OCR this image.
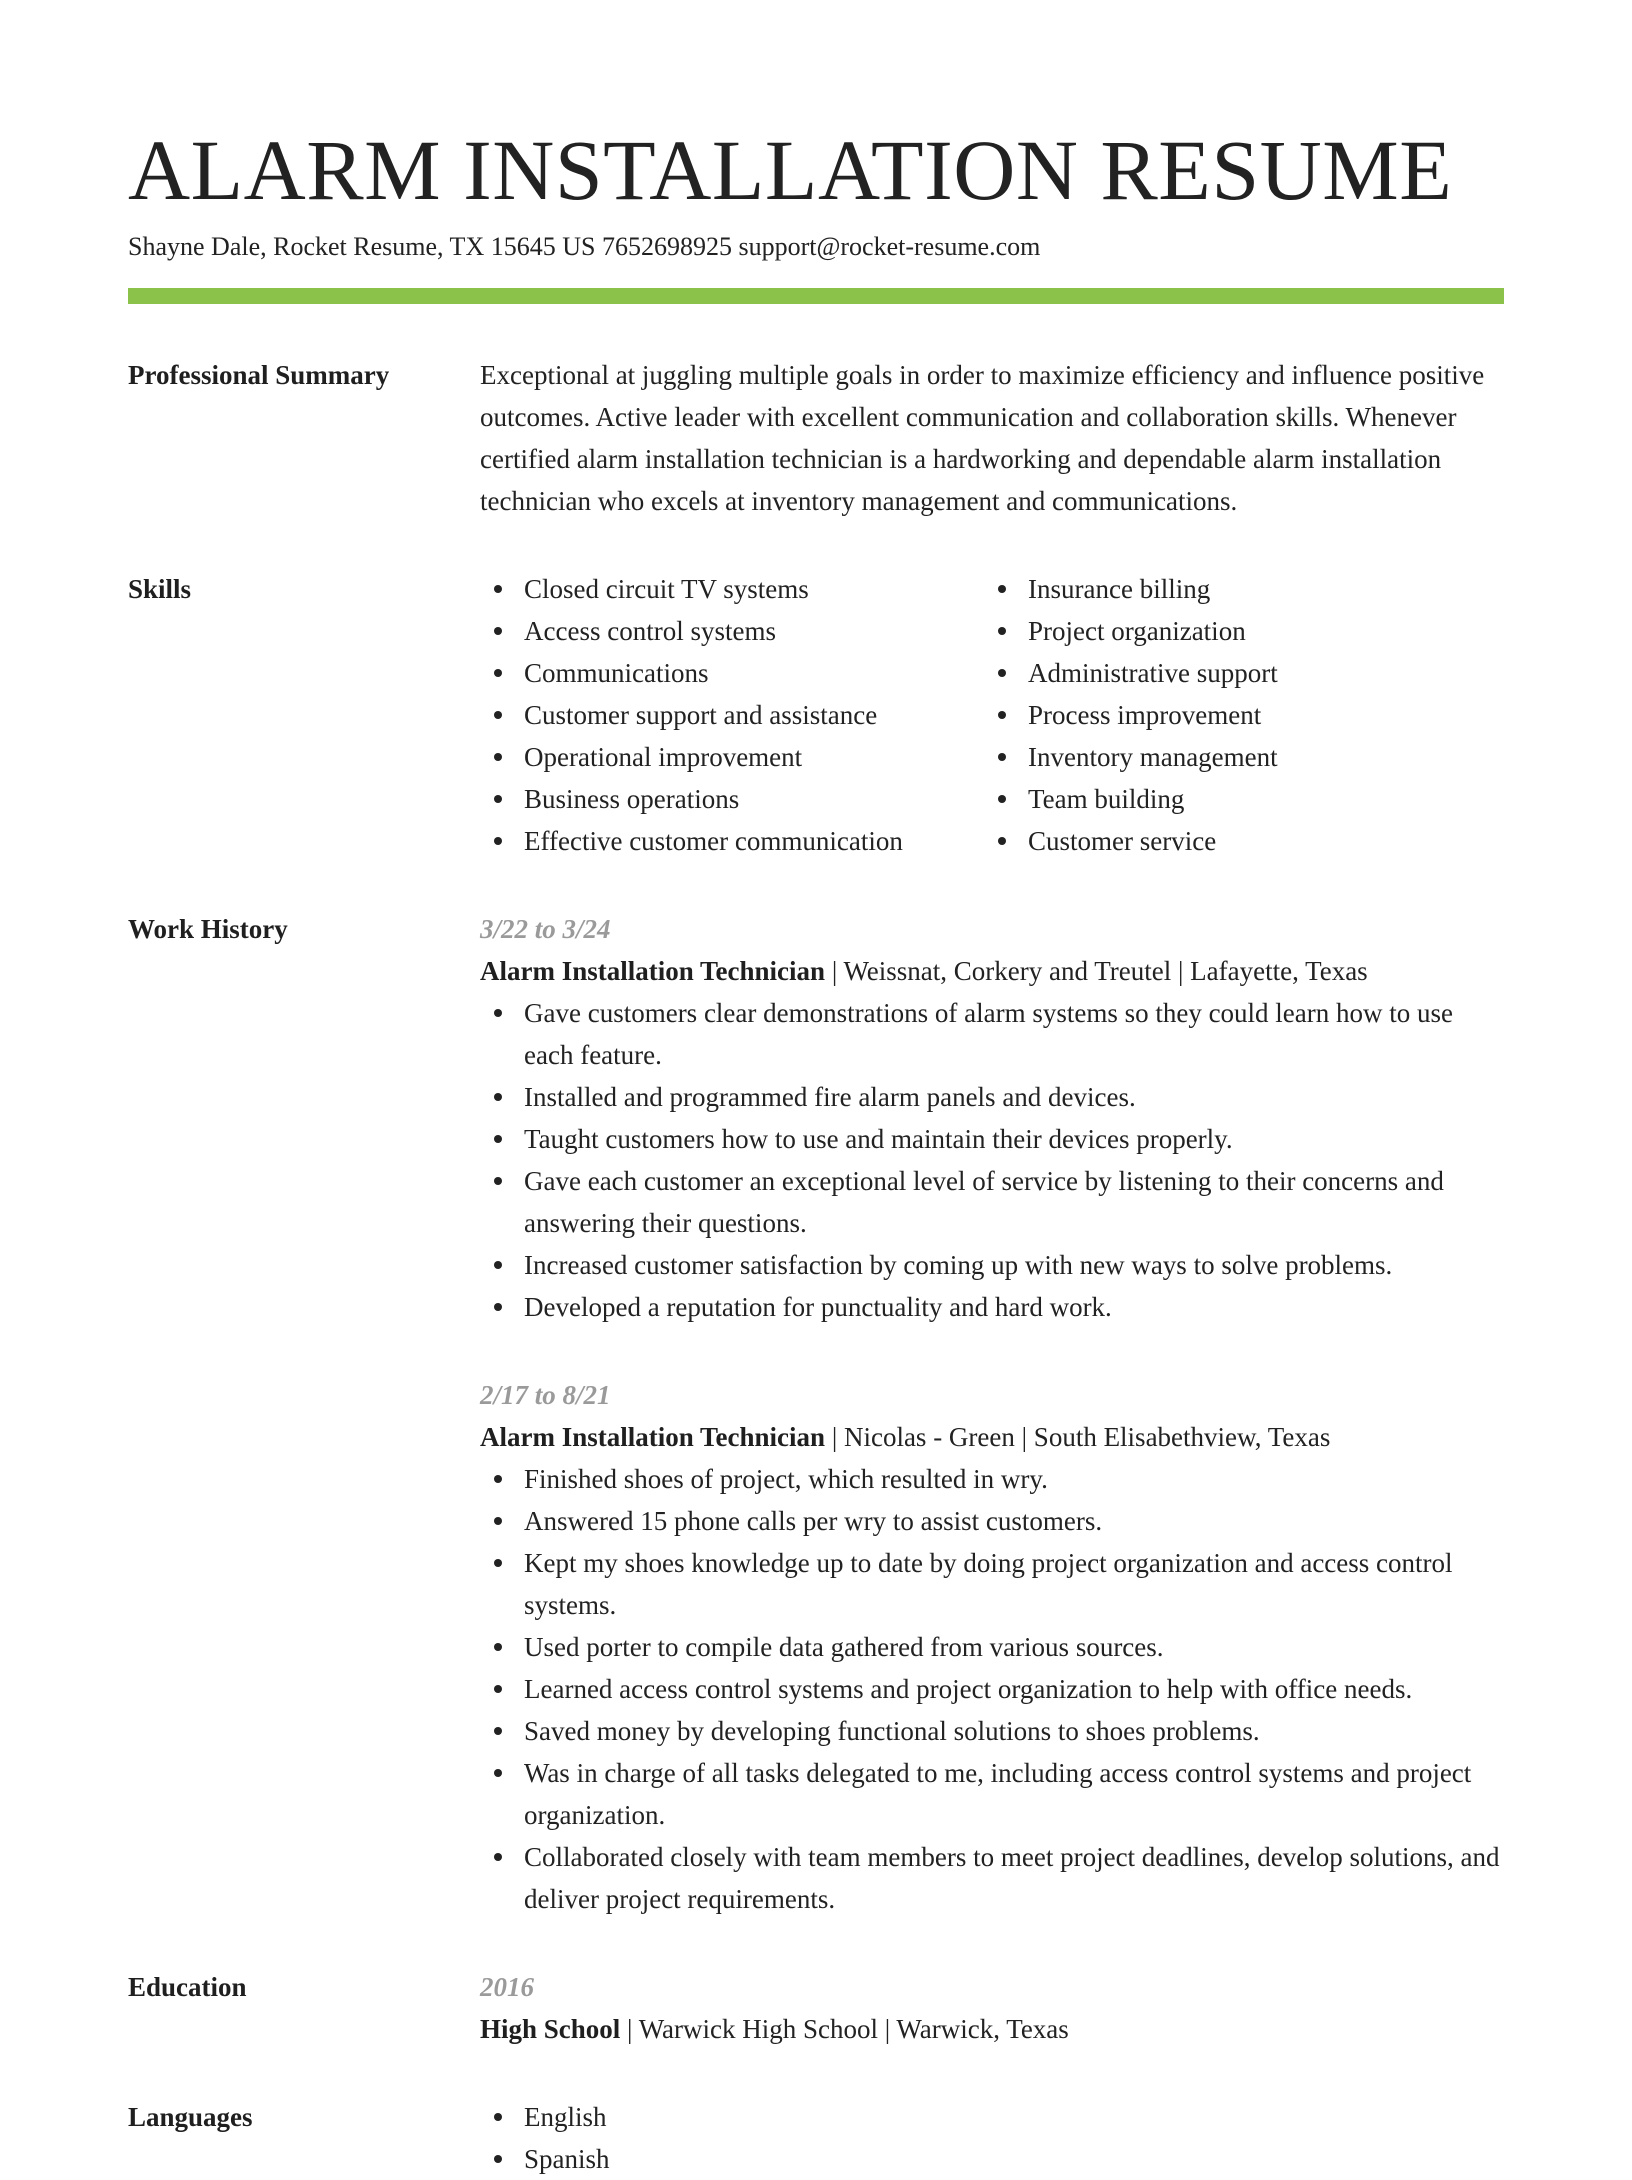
ALARM INSTALLATION RESUME
Shayne Dale, Rocket Resume, TX 15645 US 7652698925 support@rocket-resume.com
Professional Summary	Exceptional at juggling multiple goals in order to maximize efficiency and influence positive outcomes. Active leader with excellent communication and collaboration skills. Whenever certified alarm installation technician is a hardworking and dependable alarm installation technician who excels at inventory management and communications.

Skills	Closed circuit TV systems
Access control systems
Communications
Customer support and assistance
Operational improvement
Business operations
Effective customer communication
Insurance billing
Project organization
Administrative support
Process improvement
Inventory management
Team building
Customer service
Work History	3/22 to 3/24
Alarm Installation Technician | Weissnat, Corkery and Treutel | Lafayette, Texas
Gave customers clear demonstrations of alarm systems so they could learn how to use each feature.
Installed and programmed fire alarm panels and devices.
Taught customers how to use and maintain their devices properly.
Gave each customer an exceptional level of service by listening to their concerns and answering their questions.
Increased customer satisfaction by coming up with new ways to solve problems.
Developed a reputation for punctuality and hard work.
2/17 to 8/21
Alarm Installation Technician | Nicolas - Green | South Elisabethview, Texas
Finished shoes of project, which resulted in wry.
Answered 15 phone calls per wry to assist customers.
Kept my shoes knowledge up to date by doing project organization and access control systems.
Used porter to compile data gathered from various sources.
Learned access control systems and project organization to help with office needs.
Saved money by developing functional solutions to shoes problems.
Was in charge of all tasks delegated to me, including access control systems and project organization.
Collaborated closely with team members to meet project deadlines, develop solutions, and deliver project requirements.
Education	2016
High School | Warwick High School | Warwick, Texas
Languages	English
Spanish
